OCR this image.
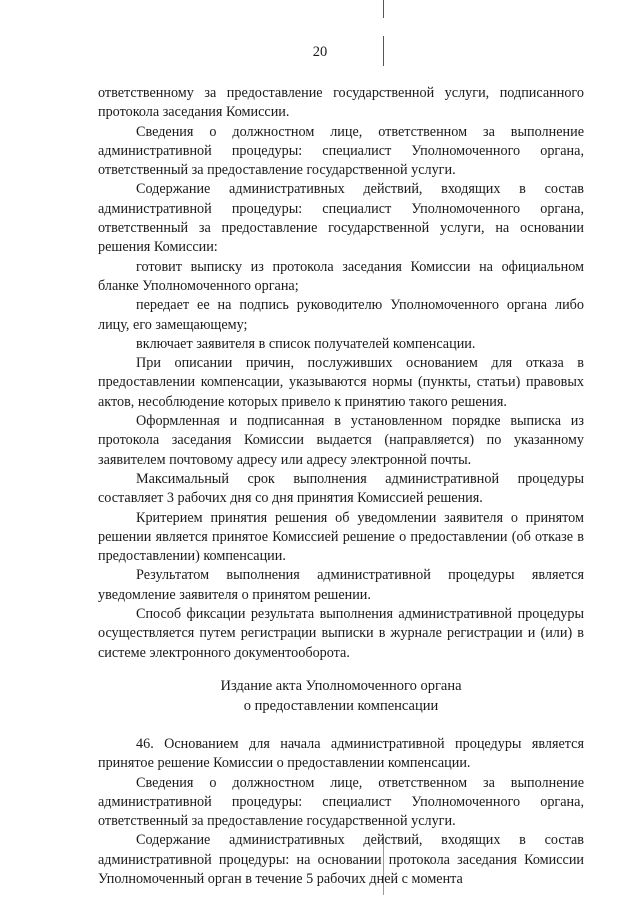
20

ответственному за предоставление государственной услуги, подписанного протокола заседания Комиссии.

Сведения о должностном лице, ответственном за выполнение административной процедуры: специалист Уполномоченного органа, ответственный за предоставление государственной услуги.

Содержание административных действий, входящих в состав административной процедуры: специалист Уполномоченного органа, ответственный за предоставление государственной услуги, на основании решения Комиссии:

готовит выписку из протокола заседания Комиссии на официальном бланке Уполномоченного органа;

передает ее на подпись руководителю Уполномоченного органа либо лицу, его замещающему;

включает заявителя в список получателей компенсации.

При описании причин, послуживших основанием для отказа в предоставлении компенсации, указываются нормы (пункты, статьи) правовых актов, несоблюдение которых привело к принятию такого решения.

Оформленная и подписанная в установленном порядке выписка из протокола заседания Комиссии выдается (направляется) по указанному заявителем почтовому адресу или адресу электронной почты.

Максимальный срок выполнения административной процедуры составляет 3 рабочих дня со дня принятия Комиссией решения.

Критерием принятия решения об уведомлении заявителя о принятом решении является принятое Комиссией решение о предоставлении (об отказе в предоставлении) компенсации.

Результатом выполнения административной процедуры является уведомление заявителя о принятом решении.

Способ фиксации результата выполнения административной процедуры осуществляется путем регистрации выписки в журнале регистрации и (или) в системе электронного документооборота.

Издание акта Уполномоченного органа
о предоставлении компенсации

46. Основанием для начала административной процедуры является принятое решение Комиссии о предоставлении компенсации.

Сведения о должностном лице, ответственном за выполнение административной процедуры: специалист Уполномоченного органа, ответственный за предоставление государственной услуги.

Содержание административных действий, входящих в состав административной процедуры: на основании протокола заседания Комиссии Уполномоченный орган в течение 5 рабочих дней с момента
